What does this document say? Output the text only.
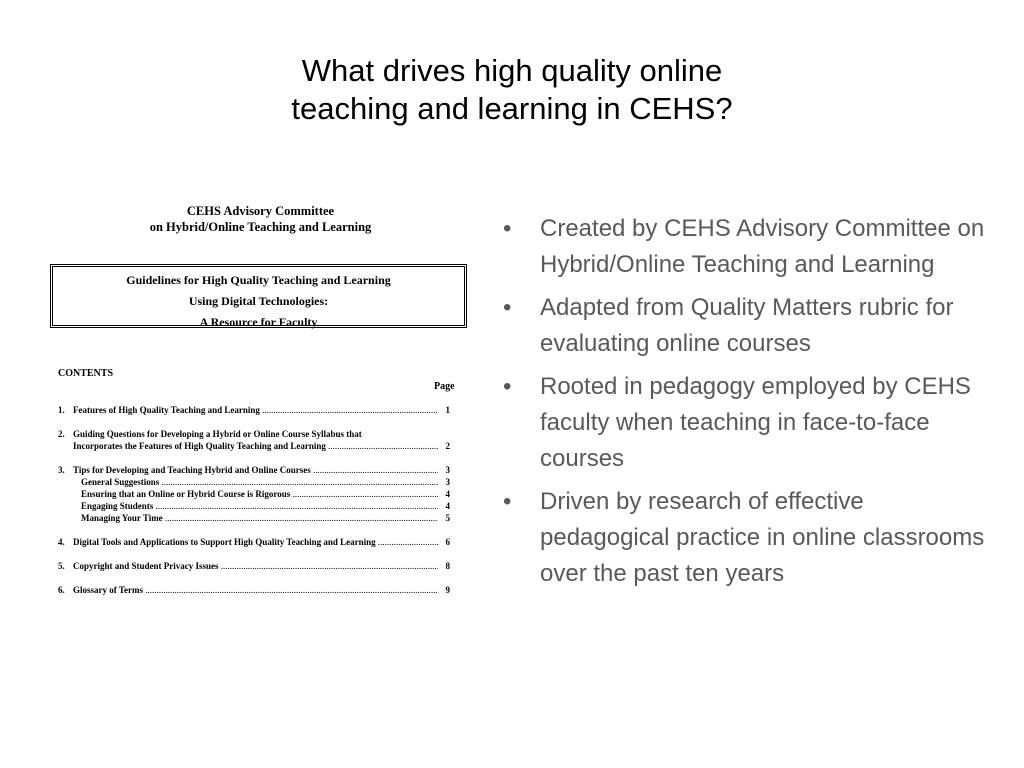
What drives high quality online
teaching and learning in CEHS?
CEHS Advisory Committee
on Hybrid/Online Teaching and Learning
Guidelines for High Quality Teaching and Learning
Using Digital Technologies:
A Resource for Faculty
CONTENTS
Page
1. Features of High Quality Teaching and Learning .....	1
2. Guiding Questions for Developing a Hybrid or Online Course Syllabus that
Incorporates the Features of High Quality Teaching and Learning .....	2
3. Tips for Developing and Teaching Hybrid and Online Courses .....	3
General Suggestions .....	3
Ensuring that an Online or Hybrid Course is Rigorous .....	4
Engaging Students .....	4
Managing Your Time .....	5
4. Digital Tools and Applications to Support High Quality Teaching and Learning .....	6
5. Copyright and Student Privacy Issues .....	8
6. Glossary of Terms .....	9
• Created by CEHS Advisory Committee on Hybrid/Online Teaching and Learning
• Adapted from Quality Matters rubric for evaluating online courses
• Rooted in pedagogy employed by CEHS faculty when teaching in face-to-face courses
• Driven by research of effective pedagogical practice in online classrooms over the past ten years
